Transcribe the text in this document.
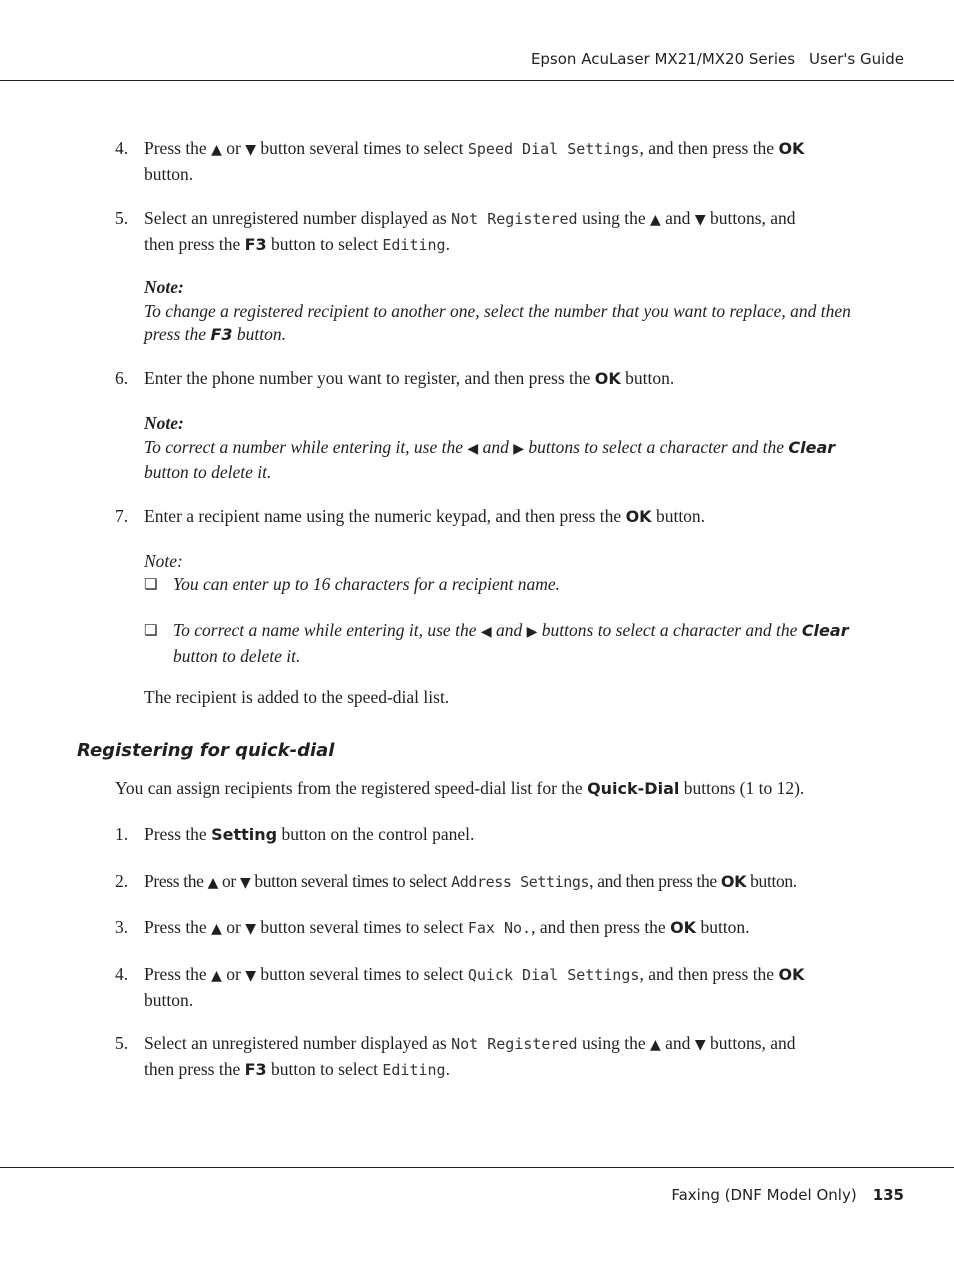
Epson AcuLaser MX21/MX20 Series User's Guide
4. Press the ▲ or ▼ button several times to select Speed Dial Settings, and then press the OK
button.
5. Select an unregistered number displayed as Not Registered using the ▲ and ▼ buttons, and
then press the F3 button to select Editing.
Note:
To change a registered recipient to another one, select the number that you want to replace, and then
press the F3 button.
6. Enter the phone number you want to register, and then press the OK button.
Note:
To correct a number while entering it, use the ◀ and ▶ buttons to select a character and the Clear
button to delete it.
7. Enter a recipient name using the numeric keypad, and then press the OK button.
Note:
❏ You can enter up to 16 characters for a recipient name.
❏ To correct a name while entering it, use the ◀ and ▶ buttons to select a character and the Clear
button to delete it.
The recipient is added to the speed-dial list.
Registering for quick-dial
You can assign recipients from the registered speed-dial list for the Quick-Dial buttons (1 to 12).
1. Press the Setting button on the control panel.
2. Press the ▲ or ▼ button several times to select Address Settings, and then press the OK button.
3. Press the ▲ or ▼ button several times to select Fax No., and then press the OK button.
4. Press the ▲ or ▼ button several times to select Quick Dial Settings, and then press the OK
button.
5. Select an unregistered number displayed as Not Registered using the ▲ and ▼ buttons, and
then press the F3 button to select Editing.
Faxing (DNF Model Only) 135
